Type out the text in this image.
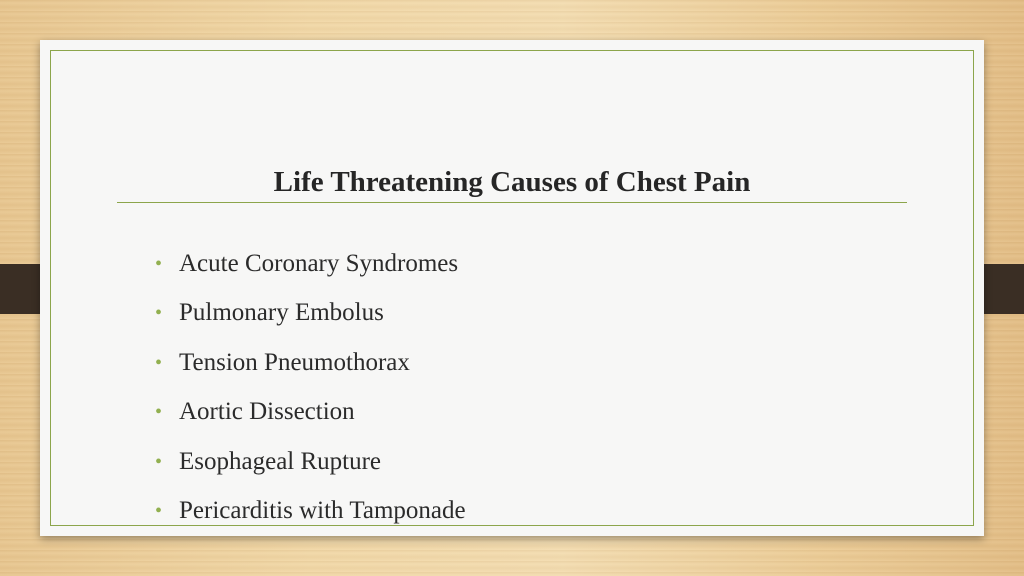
Life Threatening Causes of Chest Pain
• Acute Coronary Syndromes
• Pulmonary Embolus
• Tension Pneumothorax
• Aortic Dissection
• Esophageal Rupture
• Pericarditis with Tamponade
